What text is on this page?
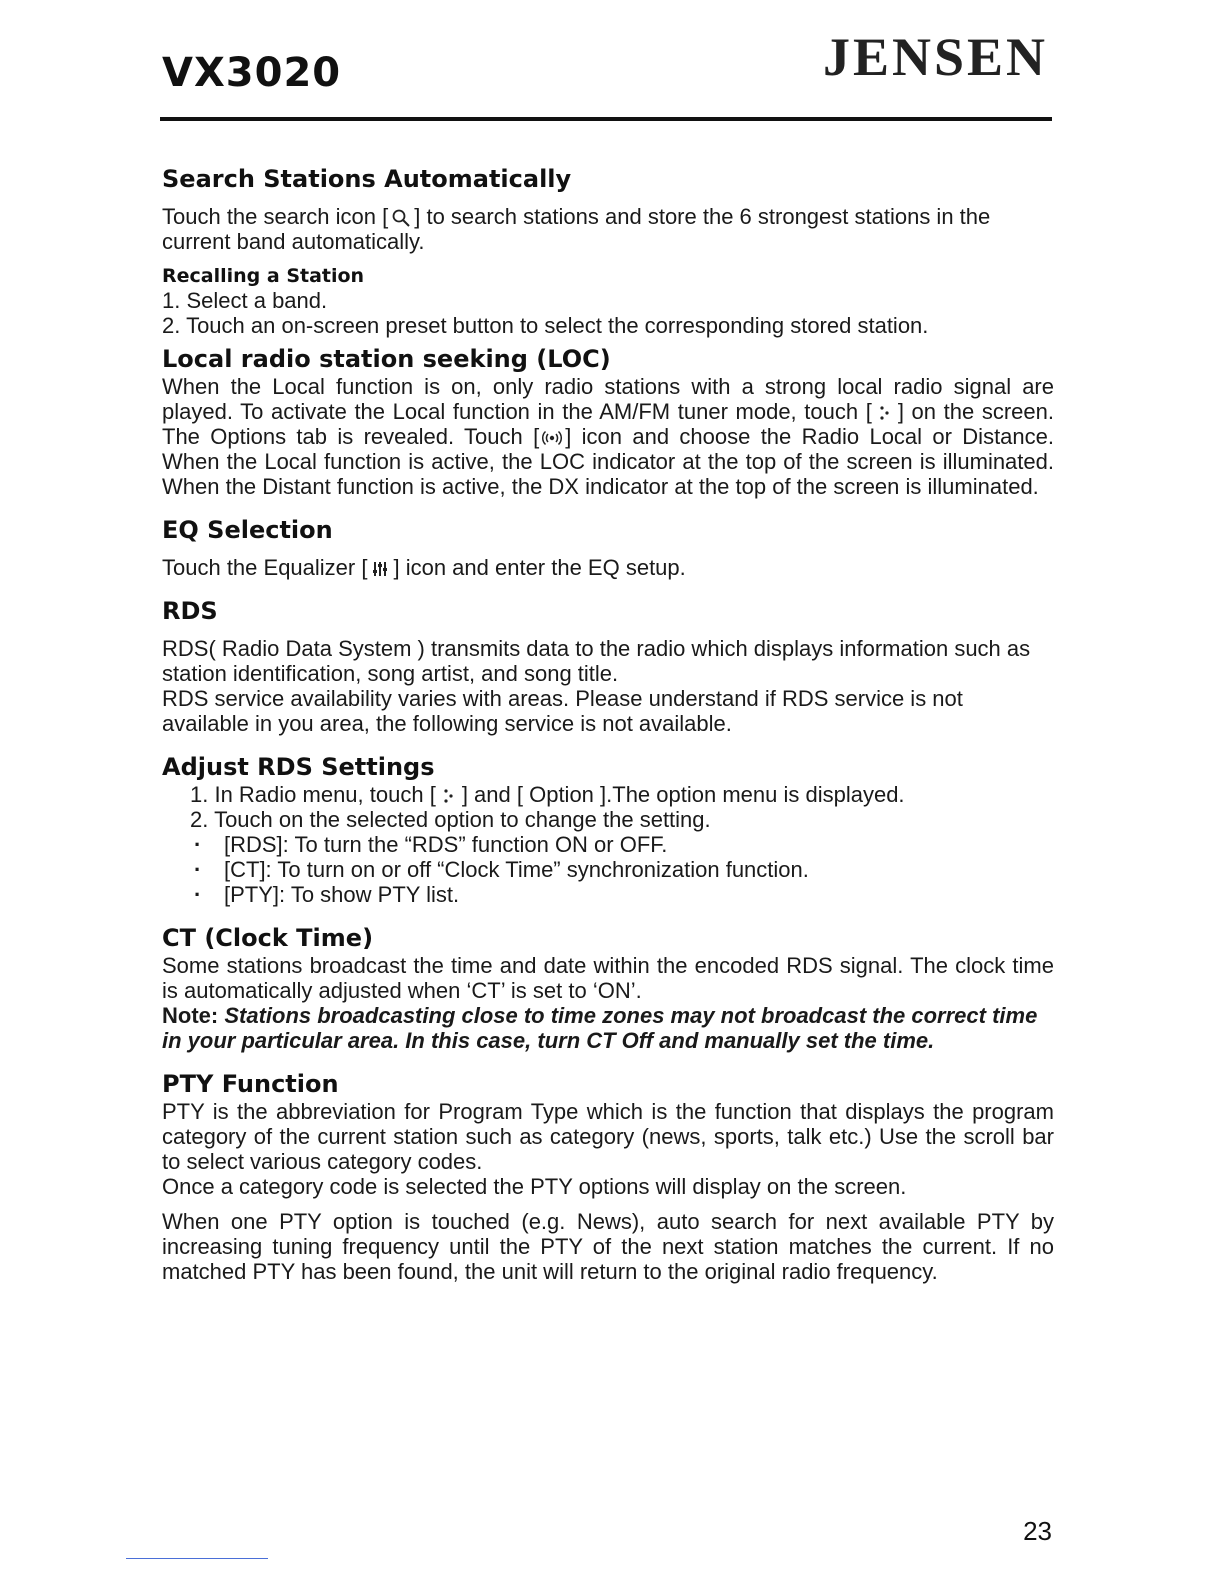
VX3020	JENSEN
Search Stations Automatically

Touch the search icon [ ] to search stations and store the 6 strongest stations in the current band automatically.

Recalling a Station
1. Select a band.
2. Touch an on-screen preset button to select the corresponding stored station.
Local radio station seeking (LOC)

When the Local function is on, only radio stations with a strong local radio signal are played. To activate the Local function in the AM/FM tuner mode, touch [ ] on the screen. The Options tab is revealed. Touch [ ] icon and choose the Radio Local or Distance. When the Local function is active, the LOC indicator at the top of the screen is illuminated. When the Distant function is active, the DX indicator at the top of the screen is illuminated.

EQ Selection

Touch the Equalizer [ ] icon and enter the EQ setup.

RDS

RDS( Radio Data System ) transmits data to the radio which displays information such as station identification, song artist, and song title.

RDS service availability varies with areas. Please understand if RDS service is not available in you area, the following service is not available.

Adjust RDS Settings
1. In Radio menu, touch [ ] and [ Option ].The option menu is displayed.
2. Touch on the selected option to change the setting.
· [RDS]: To turn the “RDS” function ON or OFF.
· [CT]: To turn on or off “Clock Time” synchronization function.
· [PTY]: To show PTY list.
CT (Clock Time)

Some stations broadcast the time and date within the encoded RDS signal. The clock time is automatically adjusted when ‘CT’ is set to ‘ON’.

Note: Stations broadcasting close to time zones may not broadcast the correct time in your particular area. In this case, turn CT Off and manually set the time.

PTY Function

PTY is the abbreviation for Program Type which is the function that displays the program category of the current station such as category (news, sports, talk etc.) Use the scroll bar to select various category codes.

Once a category code is selected the PTY options will display on the screen.

When one PTY option is touched (e.g. News), auto search for next available PTY by increasing tuning frequency until the PTY of the next station matches the current. If no matched PTY has been found, the unit will return to the original radio frequency.

23
